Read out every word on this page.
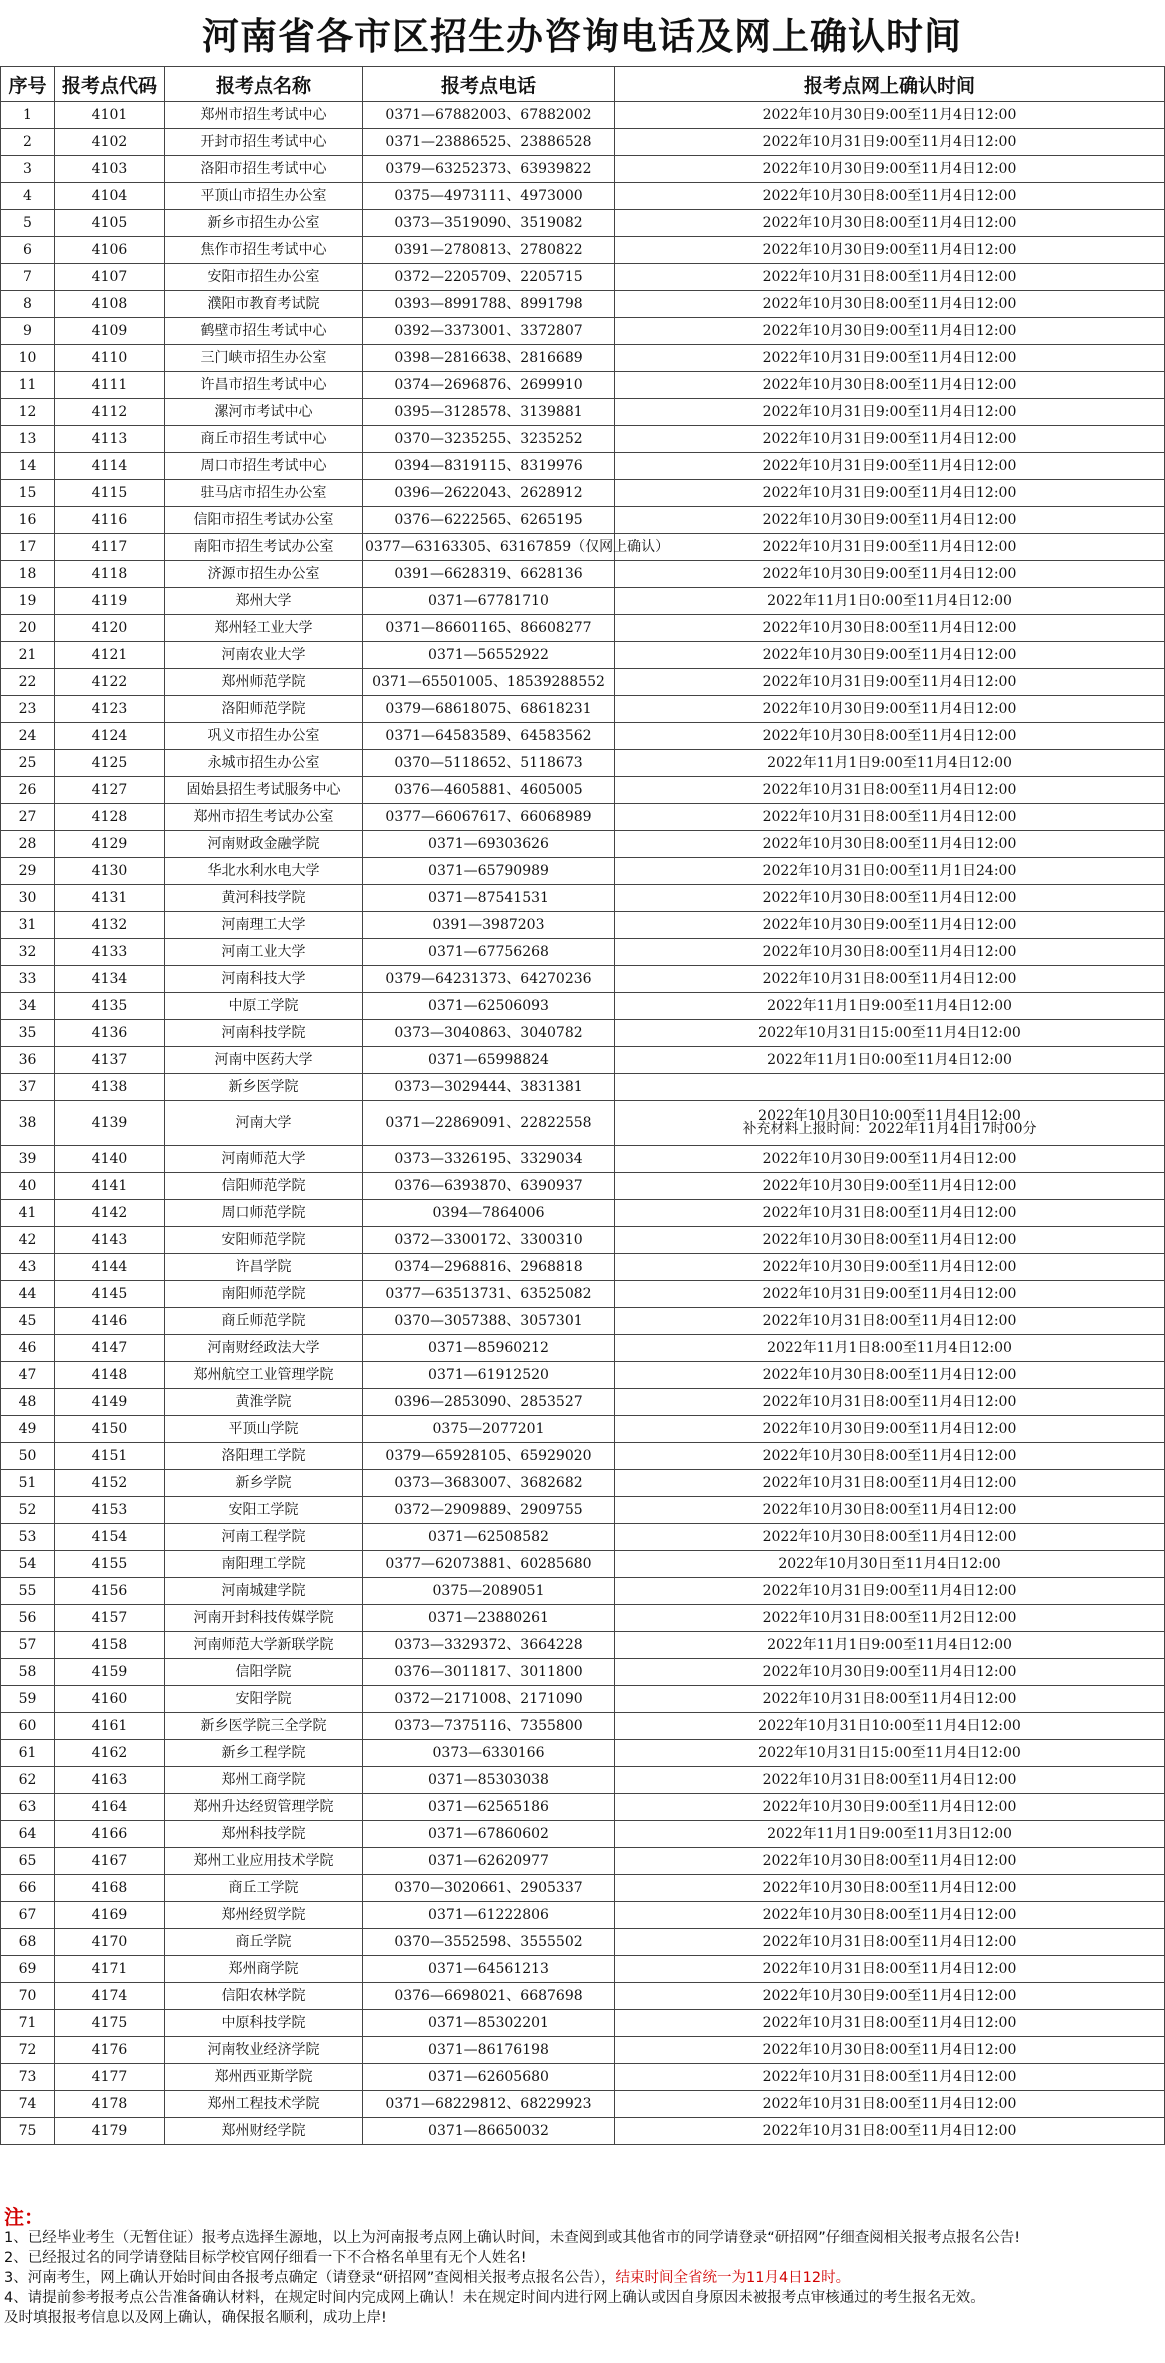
河南省各市区招生办咨询电话及网上确认时间
序号	报考点代码	报考点名称	报考点电话	报考点网上确认时间
1	4101	郑州市招生考试中心	0371—67882003、67882002	2022年10月30日9:00至11月4日12:00
2	4102	开封市招生考试中心	0371—23886525、23886528	2022年10月31日9:00至11月4日12:00
3	4103	洛阳市招生考试中心	0379—63252373、63939822	2022年10月30日9:00至11月4日12:00
4	4104	平顶山市招生办公室	0375—4973111、4973000	2022年10月30日8:00至11月4日12:00
5	4105	新乡市招生办公室	0373—3519090、3519082	2022年10月30日8:00至11月4日12:00
6	4106	焦作市招生考试中心	0391—2780813、2780822	2022年10月30日9:00至11月4日12:00
7	4107	安阳市招生办公室	0372—2205709、2205715	2022年10月31日8:00至11月4日12:00
8	4108	濮阳市教育考试院	0393—8991788、8991798	2022年10月30日8:00至11月4日12:00
9	4109	鹤壁市招生考试中心	0392—3373001、3372807	2022年10月30日9:00至11月4日12:00
10	4110	三门峡市招生办公室	0398—2816638、2816689	2022年10月31日9:00至11月4日12:00
11	4111	许昌市招生考试中心	0374—2696876、2699910	2022年10月30日8:00至11月4日12:00
12	4112	漯河市考试中心	0395—3128578、3139881	2022年10月31日9:00至11月4日12:00
13	4113	商丘市招生考试中心	0370—3235255、3235252	2022年10月31日9:00至11月4日12:00
14	4114	周口市招生考试中心	0394—8319115、8319976	2022年10月31日9:00至11月4日12:00
15	4115	驻马店市招生办公室	0396—2622043、2628912	2022年10月31日9:00至11月4日12:00
16	4116	信阳市招生考试办公室	0376—6222565、6265195	2022年10月30日9:00至11月4日12:00
17	4117	南阳市招生考试办公室	0377—63163305、63167859（仅网上确认）	2022年10月31日9:00至11月4日12:00
18	4118	济源市招生办公室	0391—6628319、6628136	2022年10月30日9:00至11月4日12:00
19	4119	郑州大学	0371—67781710	2022年11月1日0:00至11月4日12:00
20	4120	郑州轻工业大学	0371—86601165、86608277	2022年10月30日8:00至11月4日12:00
21	4121	河南农业大学	0371—56552922	2022年10月30日9:00至11月4日12:00
22	4122	郑州师范学院	0371—65501005、18539288552	2022年10月31日9:00至11月4日12:00
23	4123	洛阳师范学院	0379—68618075、68618231	2022年10月30日9:00至11月4日12:00
24	4124	巩义市招生办公室	0371—64583589、64583562	2022年10月30日8:00至11月4日12:00
25	4125	永城市招生办公室	0370—5118652、5118673	2022年11月1日9:00至11月4日12:00
26	4127	固始县招生考试服务中心	0376—4605881、4605005	2022年10月31日8:00至11月4日12:00
27	4128	郑州市招生考试办公室	0377—66067617、66068989	2022年10月31日8:00至11月4日12:00
28	4129	河南财政金融学院	0371—69303626	2022年10月30日8:00至11月4日12:00
29	4130	华北水利水电大学	0371—65790989	2022年10月31日0:00至11月1日24:00
30	4131	黄河科技学院	0371—87541531	2022年10月30日8:00至11月4日12:00
31	4132	河南理工大学	0391—3987203	2022年10月30日9:00至11月4日12:00
32	4133	河南工业大学	0371—67756268	2022年10月30日8:00至11月4日12:00
33	4134	河南科技大学	0379—64231373、64270236	2022年10月31日8:00至11月4日12:00
34	4135	中原工学院	0371—62506093	2022年11月1日9:00至11月4日12:00
35	4136	河南科技学院	0373—3040863、3040782	2022年10月31日15:00至11月4日12:00
36	4137	河南中医药大学	0371—65998824	2022年11月1日0:00至11月4日12:00
37	4138	新乡医学院	0373—3029444、3831381	
38	4139	河南大学	0371—22869091、22822558	2022年10月30日10:00至11月4日12:00
补充材料上报时间：2022年11月4日17时00分

39	4140	河南师范大学	0373—3326195、3329034	2022年10月30日9:00至11月4日12:00
40	4141	信阳师范学院	0376—6393870、6390937	2022年10月30日9:00至11月4日12:00
41	4142	周口师范学院	0394—7864006	2022年10月31日8:00至11月4日12:00
42	4143	安阳师范学院	0372—3300172、3300310	2022年10月30日8:00至11月4日12:00
43	4144	许昌学院	0374—2968816、2968818	2022年10月30日9:00至11月4日12:00
44	4145	南阳师范学院	0377—63513731、63525082	2022年10月31日9:00至11月4日12:00
45	4146	商丘师范学院	0370—3057388、3057301	2022年10月31日8:00至11月4日12:00
46	4147	河南财经政法大学	0371—85960212	2022年11月1日8:00至11月4日12:00
47	4148	郑州航空工业管理学院	0371—61912520	2022年10月30日8:00至11月4日12:00
48	4149	黄淮学院	0396—2853090、2853527	2022年10月31日8:00至11月4日12:00
49	4150	平顶山学院	0375—2077201	2022年10月30日9:00至11月4日12:00
50	4151	洛阳理工学院	0379—65928105、65929020	2022年10月30日8:00至11月4日12:00
51	4152	新乡学院	0373—3683007、3682682	2022年10月31日8:00至11月4日12:00
52	4153	安阳工学院	0372—2909889、2909755	2022年10月30日8:00至11月4日12:00
53	4154	河南工程学院	0371—62508582	2022年10月30日8:00至11月4日12:00
54	4155	南阳理工学院	0377—62073881、60285680	2022年10月30日至11月4日12:00
55	4156	河南城建学院	0375—2089051	2022年10月31日9:00至11月4日12:00
56	4157	河南开封科技传媒学院	0371—23880261	2022年10月31日8:00至11月2日12:00
57	4158	河南师范大学新联学院	0373—3329372、3664228	2022年11月1日9:00至11月4日12:00
58	4159	信阳学院	0376—3011817、3011800	2022年10月30日9:00至11月4日12:00
59	4160	安阳学院	0372—2171008、2171090	2022年10月31日8:00至11月4日12:00
60	4161	新乡医学院三全学院	0373—7375116、7355800	2022年10月31日10:00至11月4日12:00
61	4162	新乡工程学院	0373—6330166	2022年10月31日15:00至11月4日12:00
62	4163	郑州工商学院	0371—85303038	2022年10月31日8:00至11月4日12:00
63	4164	郑州升达经贸管理学院	0371—62565186	2022年10月30日9:00至11月4日12:00
64	4166	郑州科技学院	0371—67860602	2022年11月1日9:00至11月3日12:00
65	4167	郑州工业应用技术学院	0371—62620977	2022年10月30日8:00至11月4日12:00
66	4168	商丘工学院	0370—3020661、2905337	2022年10月30日8:00至11月4日12:00
67	4169	郑州经贸学院	0371—61222806	2022年10月30日8:00至11月4日12:00
68	4170	商丘学院	0370—3552598、3555502	2022年10月31日8:00至11月4日12:00
69	4171	郑州商学院	0371—64561213	2022年10月31日8:00至11月4日12:00
70	4174	信阳农林学院	0376—6698021、6687698	2022年10月30日9:00至11月4日12:00
71	4175	中原科技学院	0371—85302201	2022年10月31日8:00至11月4日12:00
72	4176	河南牧业经济学院	0371—86176198	2022年10月30日8:00至11月4日12:00
73	4177	郑州西亚斯学院	0371—62605680	2022年10月31日8:00至11月4日12:00
74	4178	郑州工程技术学院	0371—68229812、68229923	2022年10月31日8:00至11月4日12:00
75	4179	郑州财经学院	0371—86650032	2022年10月31日8:00至11月4日12:00
注：
1、已经毕业考生（无暂住证）报考点选择生源地，以上为河南报考点网上确认时间，未查阅到或其他省市的同学请登录“研招网”仔细查阅相关报考点报名公告!
2、已经报过名的同学请登陆目标学校官网仔细看一下不合格名单里有无个人姓名!
3、河南考生，网上确认开始时间由各报考点确定（请登录“研招网”查阅相关报考点报名公告），结束时间全省统一为11月4日12时。
4、请提前参考报考点公告准备确认材料，在规定时间内完成网上确认！未在规定时间内进行网上确认或因自身原因未被报考点审核通过的考生报名无效。
及时填报报考信息以及网上确认，确保报名顺利，成功上岸!
